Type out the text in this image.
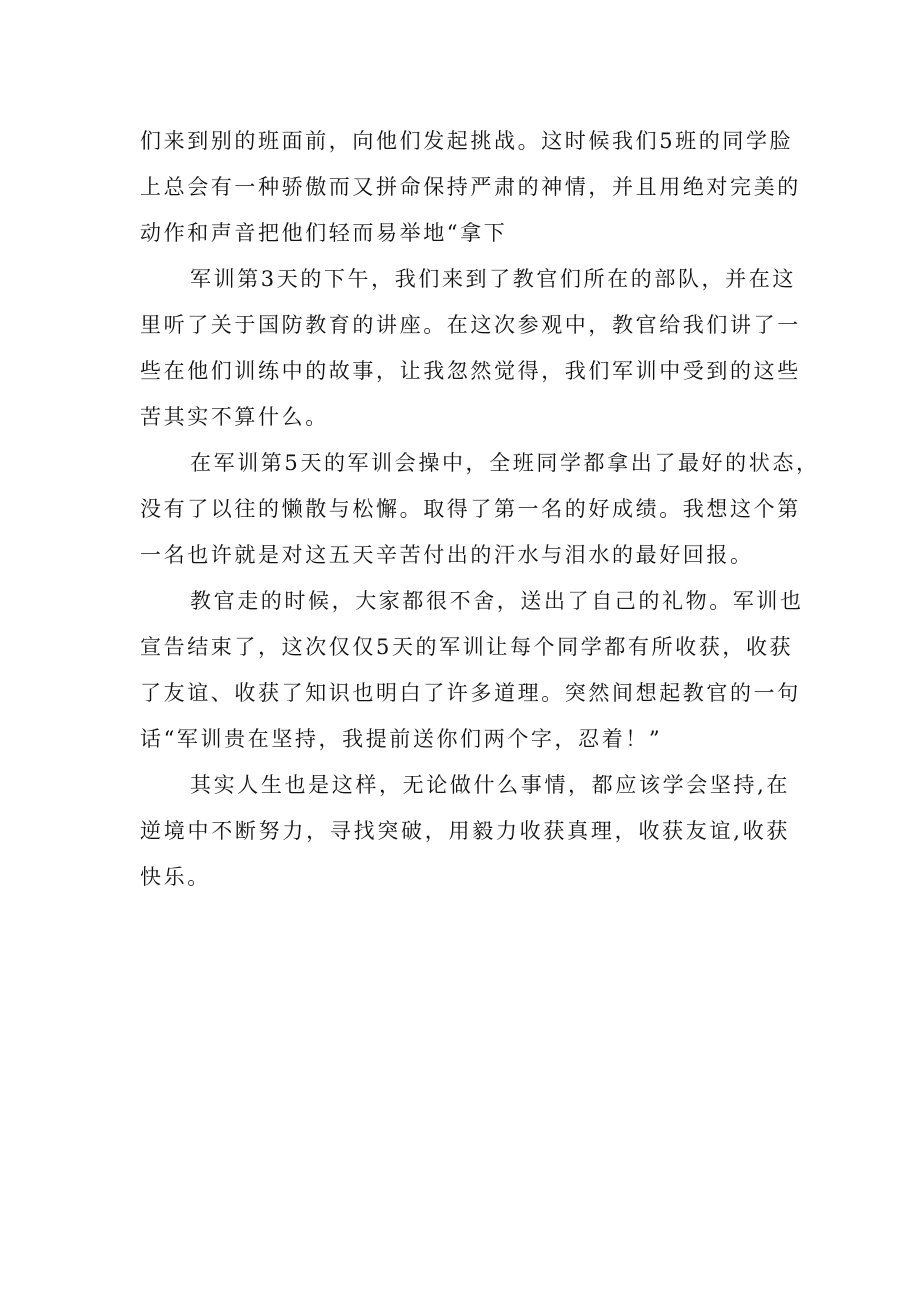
们来到别的班面前，向他们发起挑战。这时候我们5班的同学脸
上总会有一种骄傲而又拼命保持严肃的神情，并且用绝对完美的
动作和声音把他们轻而易举地“拿下
军训第3天的下午，我们来到了教官们所在的部队，并在这
里听了关于国防教育的讲座。在这次参观中，教官给我们讲了一
些在他们训练中的故事，让我忽然觉得，我们军训中受到的这些
苦其实不算什么。
在军训第5天的军训会操中，全班同学都拿出了最好的状态，
没有了以往的懒散与松懈。取得了第一名的好成绩。我想这个第
一名也许就是对这五天辛苦付出的汗水与泪水的最好回报。
教官走的时候，大家都很不舍，送出了自己的礼物。军训也
宣告结束了，这次仅仅5天的军训让每个同学都有所收获，收获
了友谊、收获了知识也明白了许多道理。突然间想起教官的一句
话“军训贵在坚持，我提前送你们两个字，忍着！”
其实人生也是这样，无论做什么事情，都应该学会坚持,在
逆境中不断努力，寻找突破，用毅力收获真理，收获友谊,收获
快乐。
